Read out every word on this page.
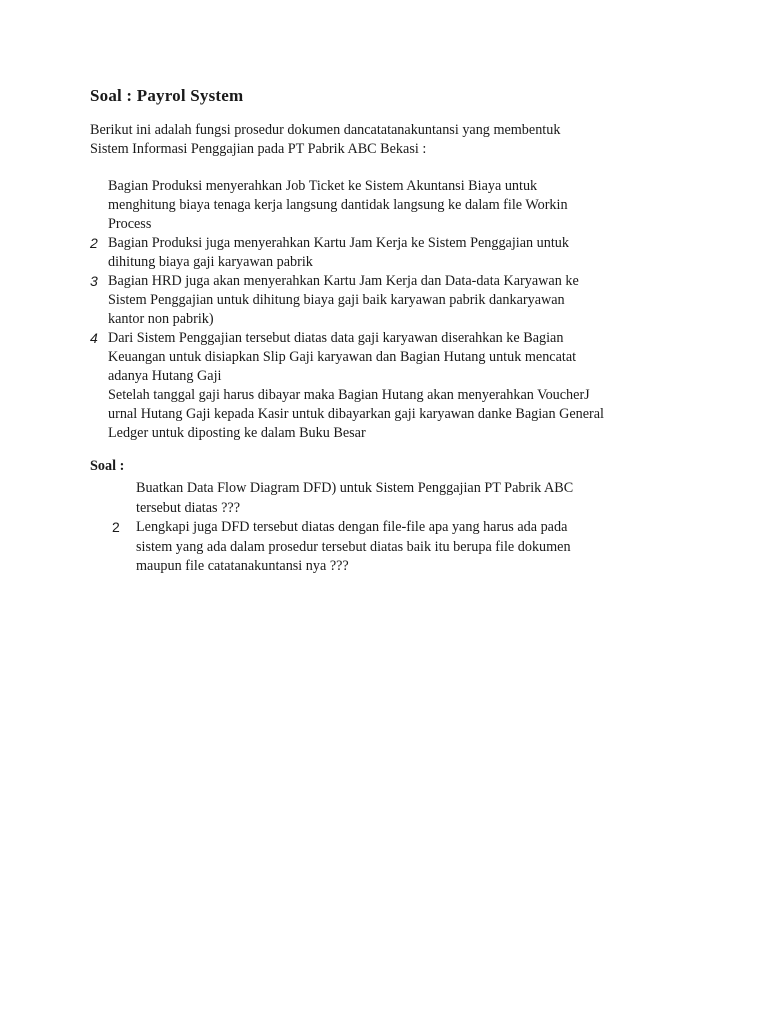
Soal : Payrol System
Berikut ini adalah fungsi prosedur dokumen dancatatanakuntansi yang membentuk
Sistem Informasi Penggajian pada PT Pabrik ABC Bekasi :
Bagian Produksi menyerahkan Job Ticket ke Sistem Akuntansi Biaya untuk
menghitung biaya tenaga kerja langsung dantidak langsung ke dalam file Workin
Process
2 Bagian Produksi juga menyerahkan Kartu Jam Kerja ke Sistem Penggajian untuk
dihitung biaya gaji karyawan pabrik
3 Bagian HRD juga akan menyerahkan Kartu Jam Kerja dan Data-data Karyawan ke
Sistem Penggajian untuk dihitung biaya gaji baik karyawan pabrik dankaryawan
kantor non pabrik)
4 Dari Sistem Penggajian tersebut diatas data gaji karyawan diserahkan ke Bagian
Keuangan untuk disiapkan Slip Gaji karyawan dan Bagian Hutang untuk mencatat
adanya Hutang Gaji
Setelah tanggal gaji harus dibayar maka Bagian Hutang akan menyerahkan VoucherJ
urnal Hutang Gaji kepada Kasir untuk dibayarkan gaji karyawan danke Bagian General
Ledger untuk diposting ke dalam Buku Besar
Soal :
Buatkan Data Flow Diagram DFD) untuk Sistem Penggajian PT Pabrik ABC
tersebut diatas ???
2 Lengkapi juga DFD tersebut diatas dengan file-file apa yang harus ada pada
sistem yang ada dalam prosedur tersebut diatas baik itu berupa file dokumen
maupun file catatanakuntansi nya ???
